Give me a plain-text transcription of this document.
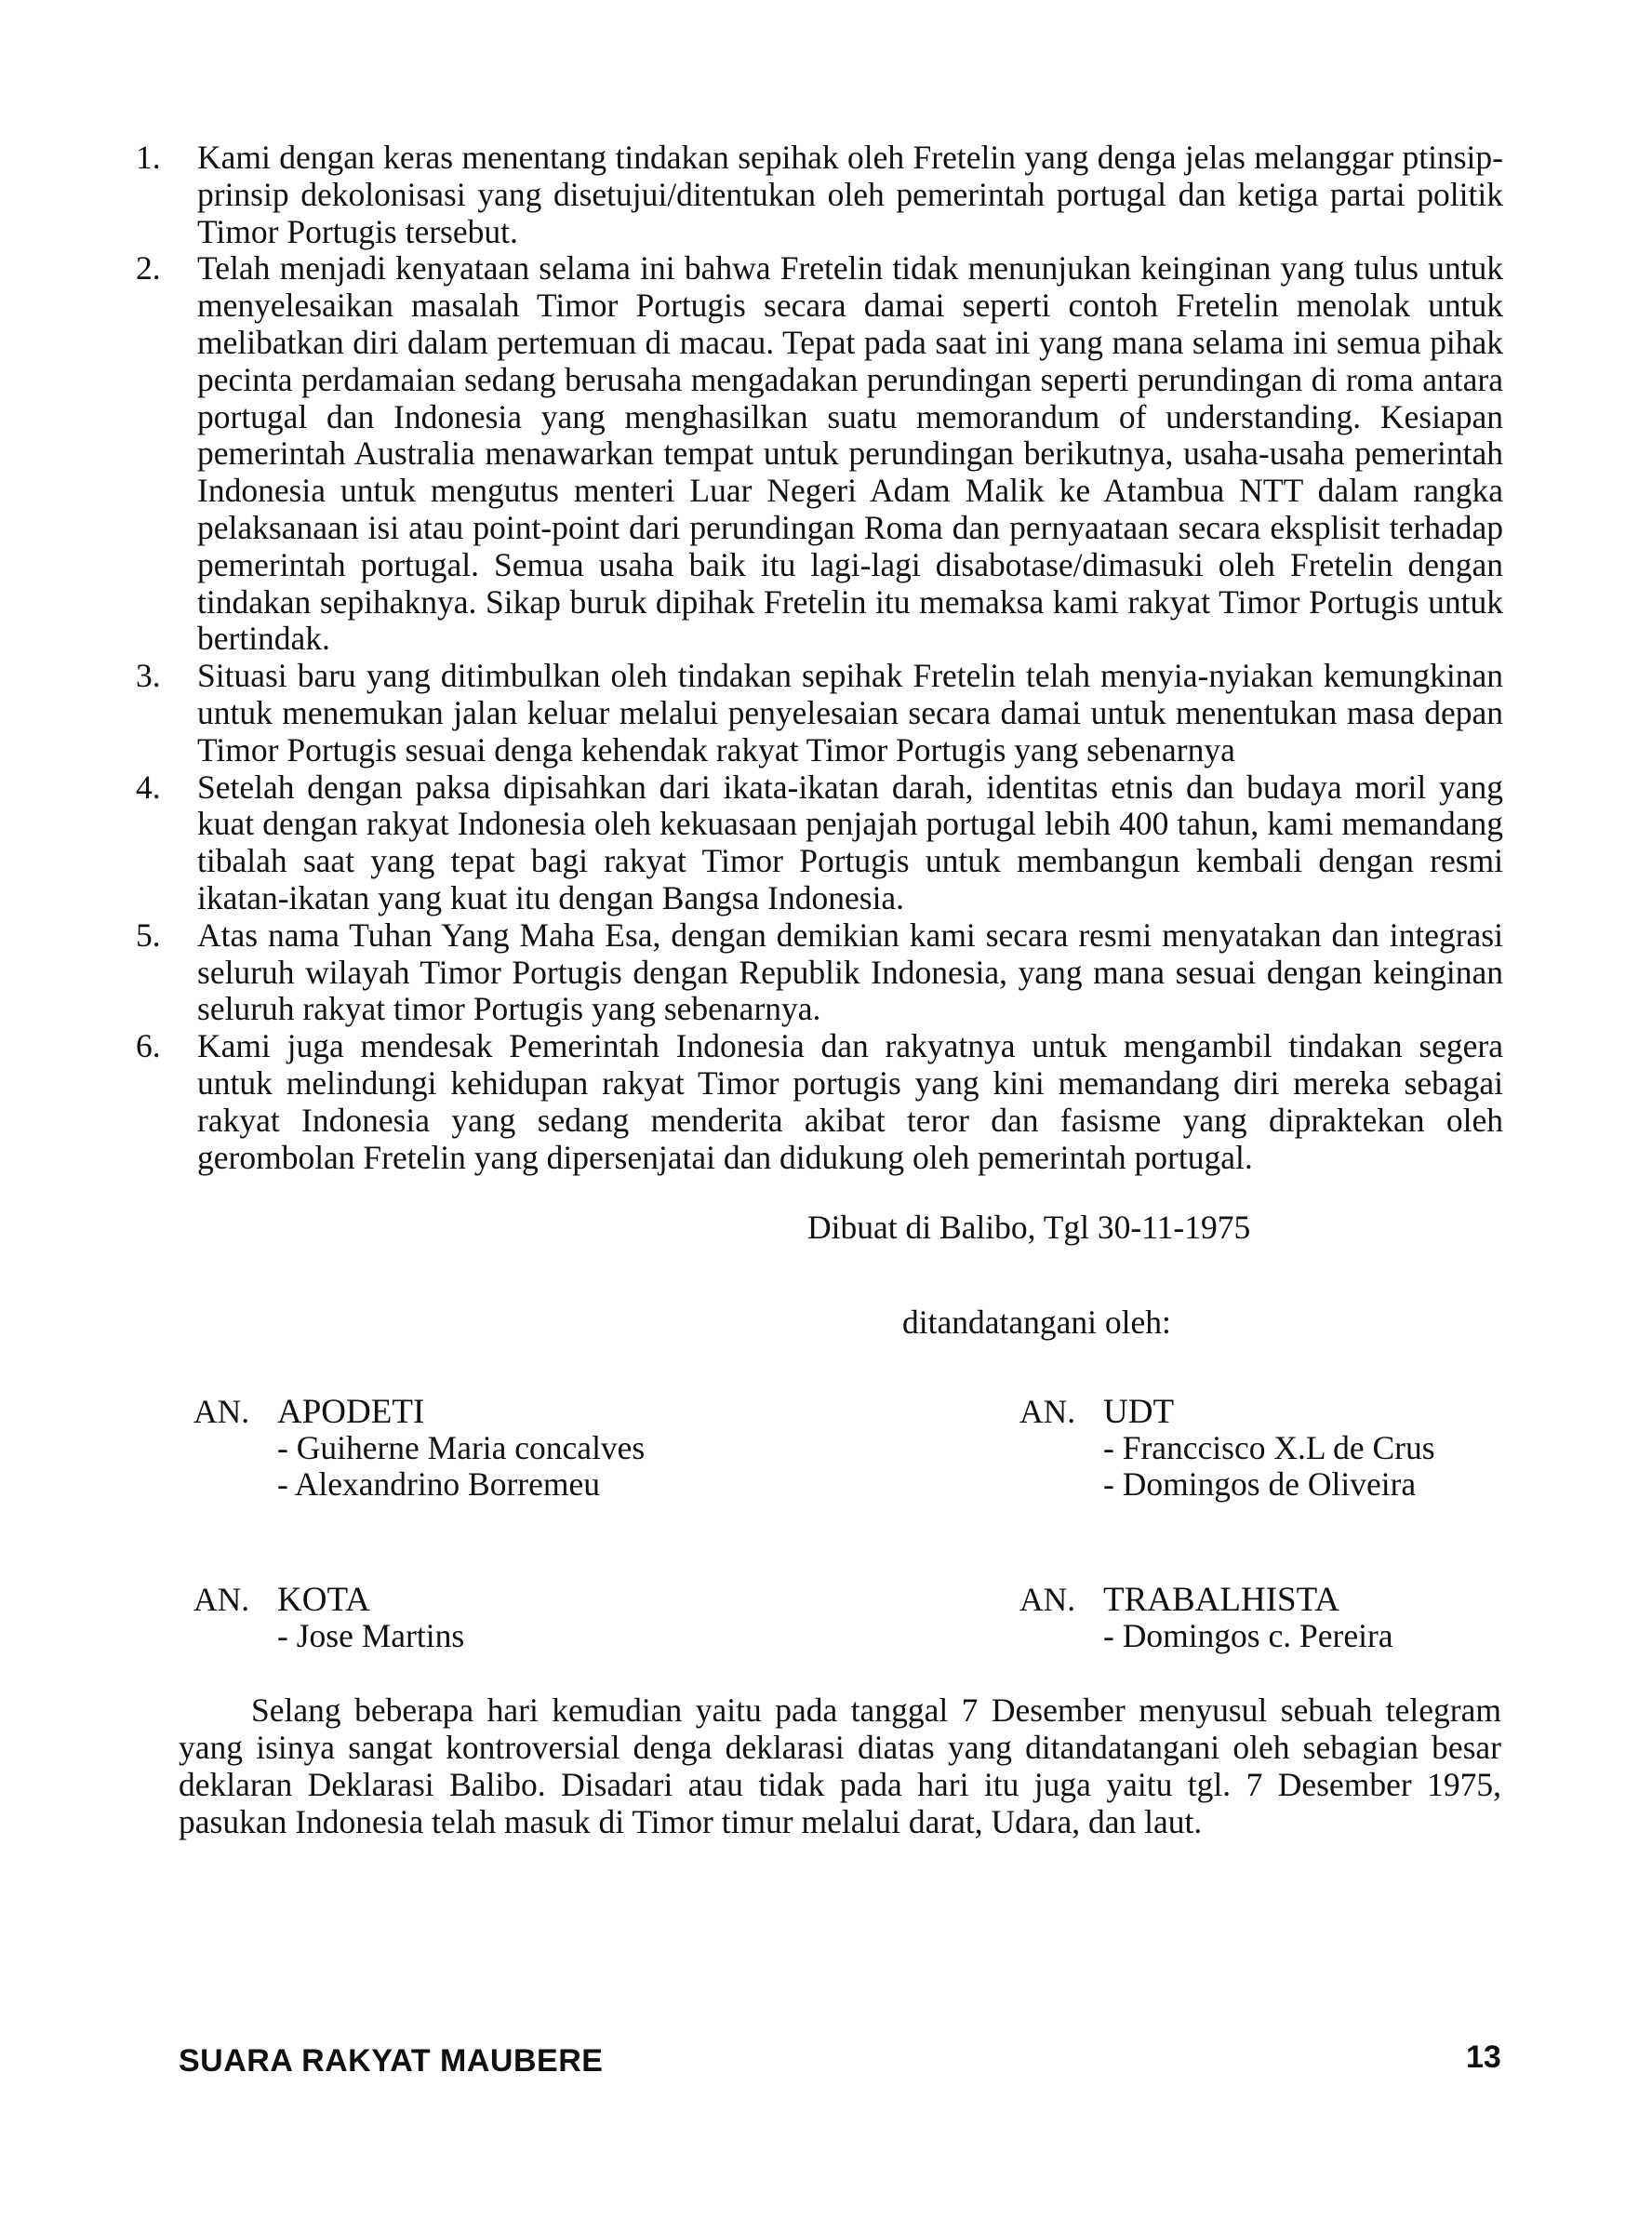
1.	Kami dengan keras menentang tindakan sepihak oleh Fretelin yang denga jelas melanggar ptinsip- prinsip dekolonisasi yang disetujui/ditentukan oleh pemerintah portugal dan ketiga partai politik Timor Portugis tersebut.
2.	Telah menjadi kenyataan selama ini bahwa Fretelin tidak menunjukan keinginan yang tulus untuk menyelesaikan masalah Timor Portugis secara damai seperti contoh Fretelin menolak untuk melibatkan diri dalam pertemuan di macau. Tepat pada saat ini yang mana selama ini semua pihak pecinta perdamaian sedang berusaha mengadakan perundingan seperti perundingan di roma antara portugal dan Indonesia yang menghasilkan suatu memorandum of understanding. Kesiapan pemerintah Australia menawarkan tempat untuk perundingan berikutnya, usaha-usaha pemerintah Indonesia untuk mengutus menteri Luar Negeri Adam Malik ke Atambua NTT dalam rangka pelaksanaan isi atau point-point dari perundingan Roma dan pernyaataan secara eksplisit terhadap pemerintah portugal. Semua usaha baik itu lagi-lagi disabotase/dimasuki oleh Fretelin dengan tindakan sepihaknya. Sikap buruk dipihak Fretelin itu memaksa kami rakyat Timor Portugis untuk bertindak.
3.	Situasi baru yang ditimbulkan oleh tindakan sepihak Fretelin telah menyia-nyiakan kemungkinan untuk menemukan jalan keluar melalui penyelesaian secara damai untuk menentukan masa depan Timor Portugis sesuai denga kehendak rakyat Timor Portugis yang sebenarnya
4.	Setelah dengan paksa dipisahkan dari ikata-ikatan darah, identitas etnis dan budaya moril yang kuat dengan rakyat Indonesia oleh kekuasaan penjajah portugal lebih 400 tahun, kami memandang tibalah saat yang tepat bagi rakyat Timor Portugis untuk membangun kembali dengan resmi ikatan-ikatan yang kuat itu dengan Bangsa Indonesia.
5.	Atas nama Tuhan Yang Maha Esa, dengan demikian kami secara resmi menyatakan dan integrasi seluruh wilayah Timor Portugis dengan Republik Indonesia, yang mana sesuai dengan keinginan seluruh rakyat timor Portugis yang sebenarnya.
6.	Kami juga mendesak Pemerintah Indonesia dan rakyatnya untuk mengambil tindakan segera untuk melindungi kehidupan rakyat Timor portugis yang kini memandang diri mereka sebagai rakyat Indonesia yang sedang menderita akibat teror dan fasisme yang dipraktekan oleh gerombolan Fretelin yang dipersenjatai dan didukung oleh pemerintah portugal.
Dibuat di Balibo, Tgl 30-11-1975
ditandatangani oleh:
AN. APODETI
- Guiherne Maria concalves
- Alexandrino Borremeu
AN. UDT
- Franccisco X.L de Crus
- Domingos de Oliveira
AN. KOTA
- Jose Martins
AN. TRABALHISTA
- Domingos c. Pereira

Selang beberapa hari kemudian yaitu pada tanggal 7 Desember menyusul sebuah telegram yang isinya sangat kontroversial denga deklarasi diatas yang ditandatangani oleh sebagian besar deklaran Deklarasi Balibo. Disadari atau tidak pada hari itu juga yaitu tgl. 7 Desember 1975, pasukan Indonesia telah masuk di Timor timur melalui darat, Udara, dan laut.

SUARA RAKYAT MAUBERE	13
